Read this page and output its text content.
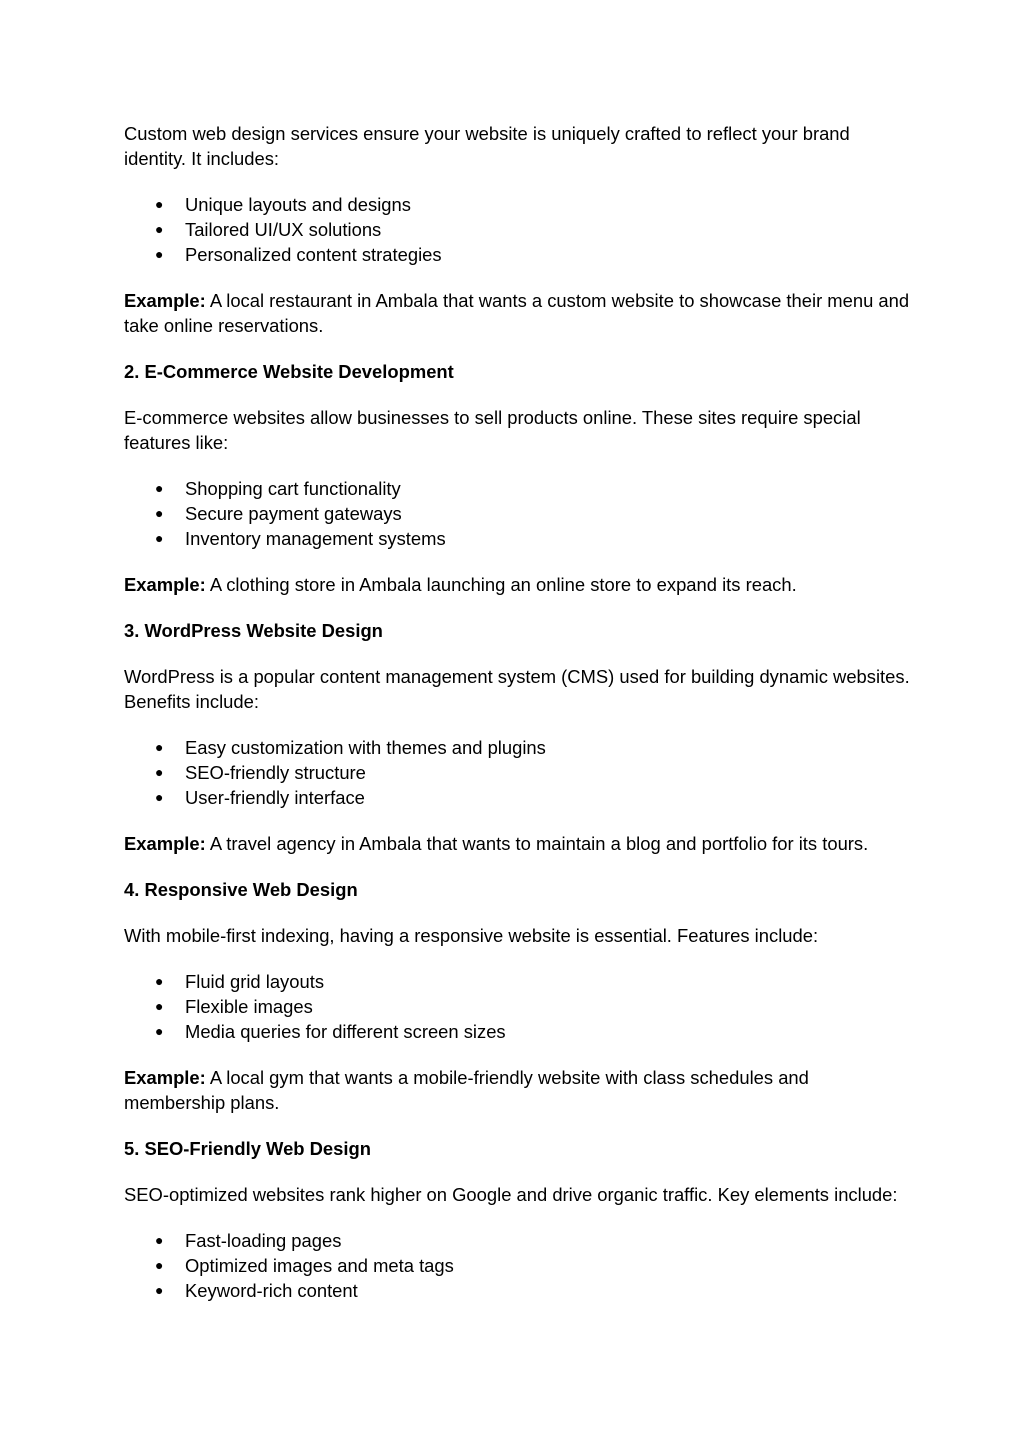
Custom web design services ensure your website is uniquely crafted to reflect your brand identity. It includes:

● Unique layouts and designs
● Tailored UI/UX solutions
● Personalized content strategies

Example: A local restaurant in Ambala that wants a custom website to showcase their menu and take online reservations.

2. E-Commerce Website Development

E-commerce websites allow businesses to sell products online. These sites require special features like:

● Shopping cart functionality
● Secure payment gateways
● Inventory management systems

Example: A clothing store in Ambala launching an online store to expand its reach.

3. WordPress Website Design

WordPress is a popular content management system (CMS) used for building dynamic websites. Benefits include:

● Easy customization with themes and plugins
● SEO-friendly structure
● User-friendly interface

Example: A travel agency in Ambala that wants to maintain a blog and portfolio for its tours.

4. Responsive Web Design

With mobile-first indexing, having a responsive website is essential. Features include:

● Fluid grid layouts
● Flexible images
● Media queries for different screen sizes

Example: A local gym that wants a mobile-friendly website with class schedules and membership plans.

5. SEO-Friendly Web Design

SEO-optimized websites rank higher on Google and drive organic traffic. Key elements include:

● Fast-loading pages
● Optimized images and meta tags
● Keyword-rich content
